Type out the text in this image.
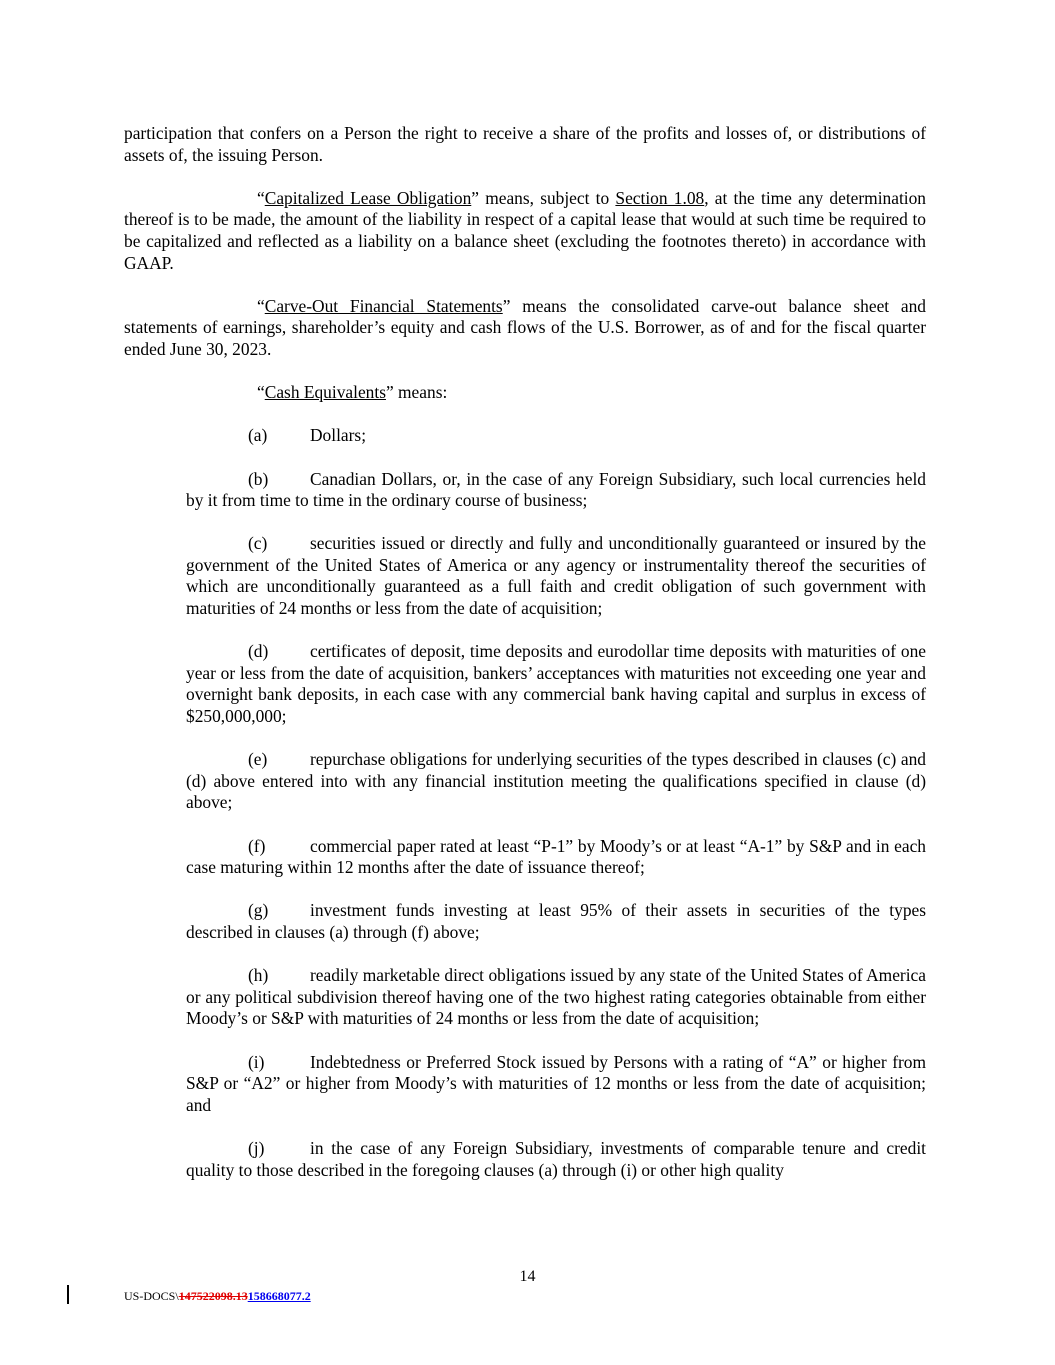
participation that confers on a Person the right to receive a share of the profits and losses of, or distributions of assets of, the issuing Person.

“Capitalized Lease Obligation” means, subject to Section 1.08, at the time any determination thereof is to be made, the amount of the liability in respect of a capital lease that would at such time be required to be capitalized and reflected as a liability on a balance sheet (excluding the footnotes thereto) in accordance with GAAP.

“Carve-Out Financial Statements” means the consolidated carve-out balance sheet and statements of earnings, shareholder’s equity and cash flows of the U.S. Borrower, as of and for the fiscal quarter ended June 30, 2023.

“Cash Equivalents” means:

(a) Dollars;

(b) Canadian Dollars, or, in the case of any Foreign Subsidiary, such local currencies held by it from time to time in the ordinary course of business;

(c) securities issued or directly and fully and unconditionally guaranteed or insured by the government of the United States of America or any agency or instrumentality thereof the securities of which are unconditionally guaranteed as a full faith and credit obligation of such government with maturities of 24 months or less from the date of acquisition;

(d) certificates of deposit, time deposits and eurodollar time deposits with maturities of one year or less from the date of acquisition, bankers’ acceptances with maturities not exceeding one year and overnight bank deposits, in each case with any commercial bank having capital and surplus in excess of $250,000,000;

(e) repurchase obligations for underlying securities of the types described in clauses (c) and (d) above entered into with any financial institution meeting the qualifications specified in clause (d) above;

(f)	commercial paper rated at least “P-1” by Moody’s or at least “A-1” by S&P and in each case maturing within 12 months after the date of issuance thereof;

(g) investment funds investing at least 95% of their assets in securities of the types described in clauses (a) through (f) above;

(h) readily marketable direct obligations issued by any state of the United States of America or any political subdivision thereof having one of the two highest rating categories obtainable from either Moody’s or S&P with maturities of 24 months or less from the date of acquisition;

(i)	Indebtedness or Preferred Stock issued by Persons with a rating of “A” or higher from S&P or “A2” or higher from Moody’s with maturities of 12 months or less from the date of acquisition; and

(j)	in the case of any Foreign Subsidiary, investments of comparable tenure and credit quality to those described in the foregoing clauses (a) through (i) or other high quality

14
US-DOCS\147522098.13158668077.2
